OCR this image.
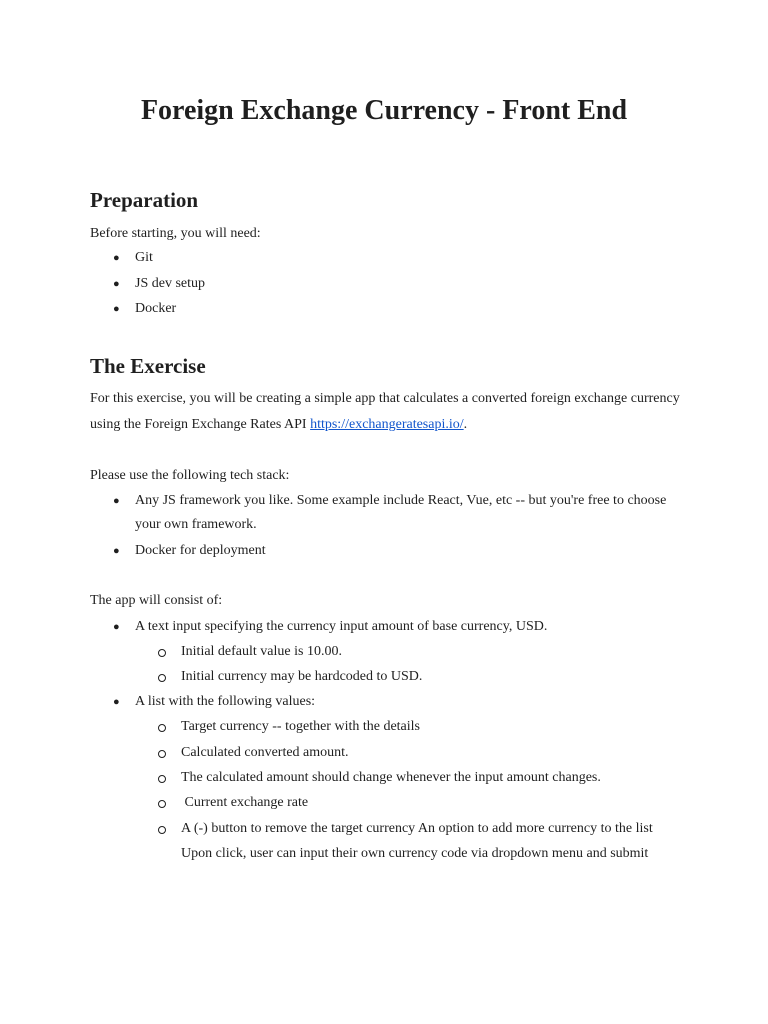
Foreign Exchange Currency - Front End
Preparation

Before starting, you will need:

● Git
● JS dev setup
● Docker
The Exercise

For this exercise, you will be creating a simple app that calculates a converted foreign exchange currency

using the Foreign Exchange Rates API https://exchangeratesapi.io/.

Please use the following tech stack:

● Any JS framework you like. Some example include React, Vue, etc -- but you're free to choose
your own framework.
● Docker for deployment

The app will consist of:

● A text input specifying the currency input amount of base currency, USD.
Initial default value is 10.00.
Initial currency may be hardcoded to USD.
● A list with the following values:
Target currency -- together with the details
Calculated converted amount.
The calculated amount should change whenever the input amount changes.
Current exchange rate
A (-) button to remove the target currency An option to add more currency to the list
Upon click, user can input their own currency code via dropdown menu and submit
